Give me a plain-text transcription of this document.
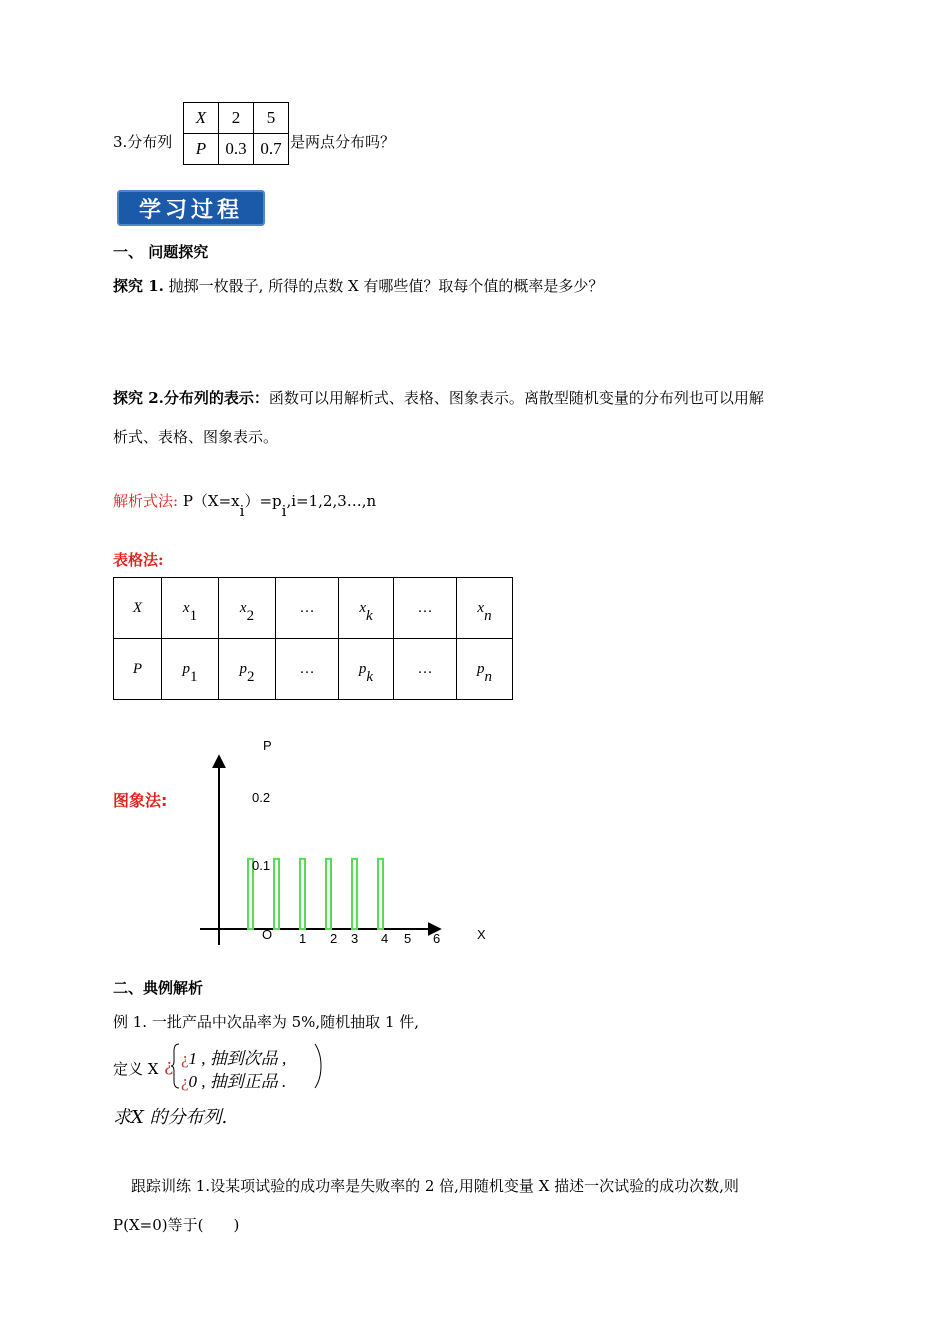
3.分布列
X	2	5
P	0.3	0.7 是两点分布吗？
学习过程
一、 问题探究
探究 1. 抛掷一枚骰子, 所得的点数 X 有哪些值？取每个值的概率是多少？
探究 2.分布列的表示：函数可以用解析式、表格、图象表示。离散型随机变量的分布列也可以用解
析式、表格、图象表示。
解析式法: P（X=xi）=pi,i=1,2,3…,n
表格法:
X	x1	x2	…	xk	…	xn
P	p1	p2	…	pk	…	pn
图象法:
P
X
O 1 2 3 4 5 6
0.1
0.2
二、典例解析
例 1. 一批产品中次品率为 5%,随机抽取 1 件,
定义 X ¿ ¿1 , 抽到次品 ,
¿0 , 抽到正品 .
求X 的分布列.
跟踪训练 1.设某项试验的成功率是失败率的 2 倍,用随机变量 X 描述一次试验的成功次数,则
P(X=0)等于(　　)
